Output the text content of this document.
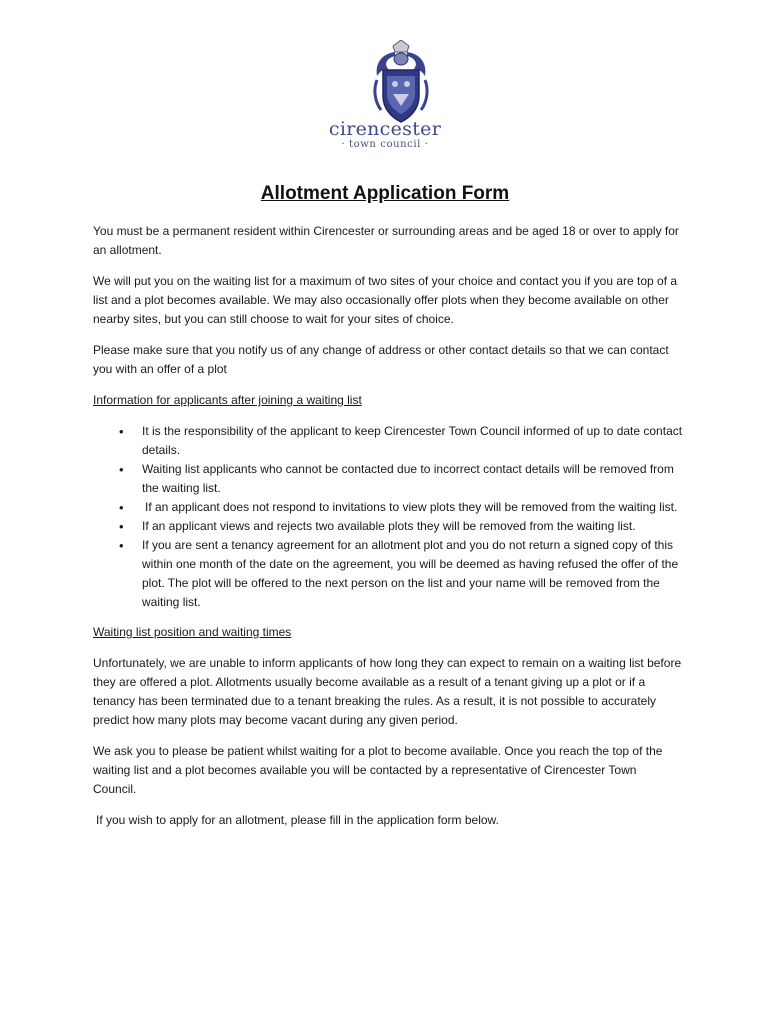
cirencester
· town council ·
Allotment Application Form

You must be a permanent resident within Cirencester or surrounding areas and be aged 18 or over to apply for an allotment.

We will put you on the waiting list for a maximum of two sites of your choice and contact you if you are top of a list and a plot becomes available. We may also occasionally offer plots when they become available on other nearby sites, but you can still choose to wait for your sites of choice.

Please make sure that you notify us of any change of address or other contact details so that we can contact you with an offer of a plot

Information for applicants after joining a waiting list

• It is the responsibility of the applicant to keep Cirencester Town Council informed of up to date contact details.
• Waiting list applicants who cannot be contacted due to incorrect contact details will be removed from the waiting list.
• If an applicant does not respond to invitations to view plots they will be removed from the waiting list.
• If an applicant views and rejects two available plots they will be removed from the waiting list.
• If you are sent a tenancy agreement for an allotment plot and you do not return a signed copy of this within one month of the date on the agreement, you will be deemed as having refused the offer of the plot. The plot will be offered to the next person on the list and your name will be removed from the waiting list.

Waiting list position and waiting times

Unfortunately, we are unable to inform applicants of how long they can expect to remain on a waiting list before they are offered a plot. Allotments usually become available as a result of a tenant giving up a plot or if a tenancy has been terminated due to a tenant breaking the rules. As a result, it is not possible to accurately predict how many plots may become vacant during any given period.

We ask you to please be patient whilst waiting for a plot to become available. Once you reach the top of the waiting list and a plot becomes available you will be contacted by a representative of Cirencester Town Council.

If you wish to apply for an allotment, please fill in the application form below.
